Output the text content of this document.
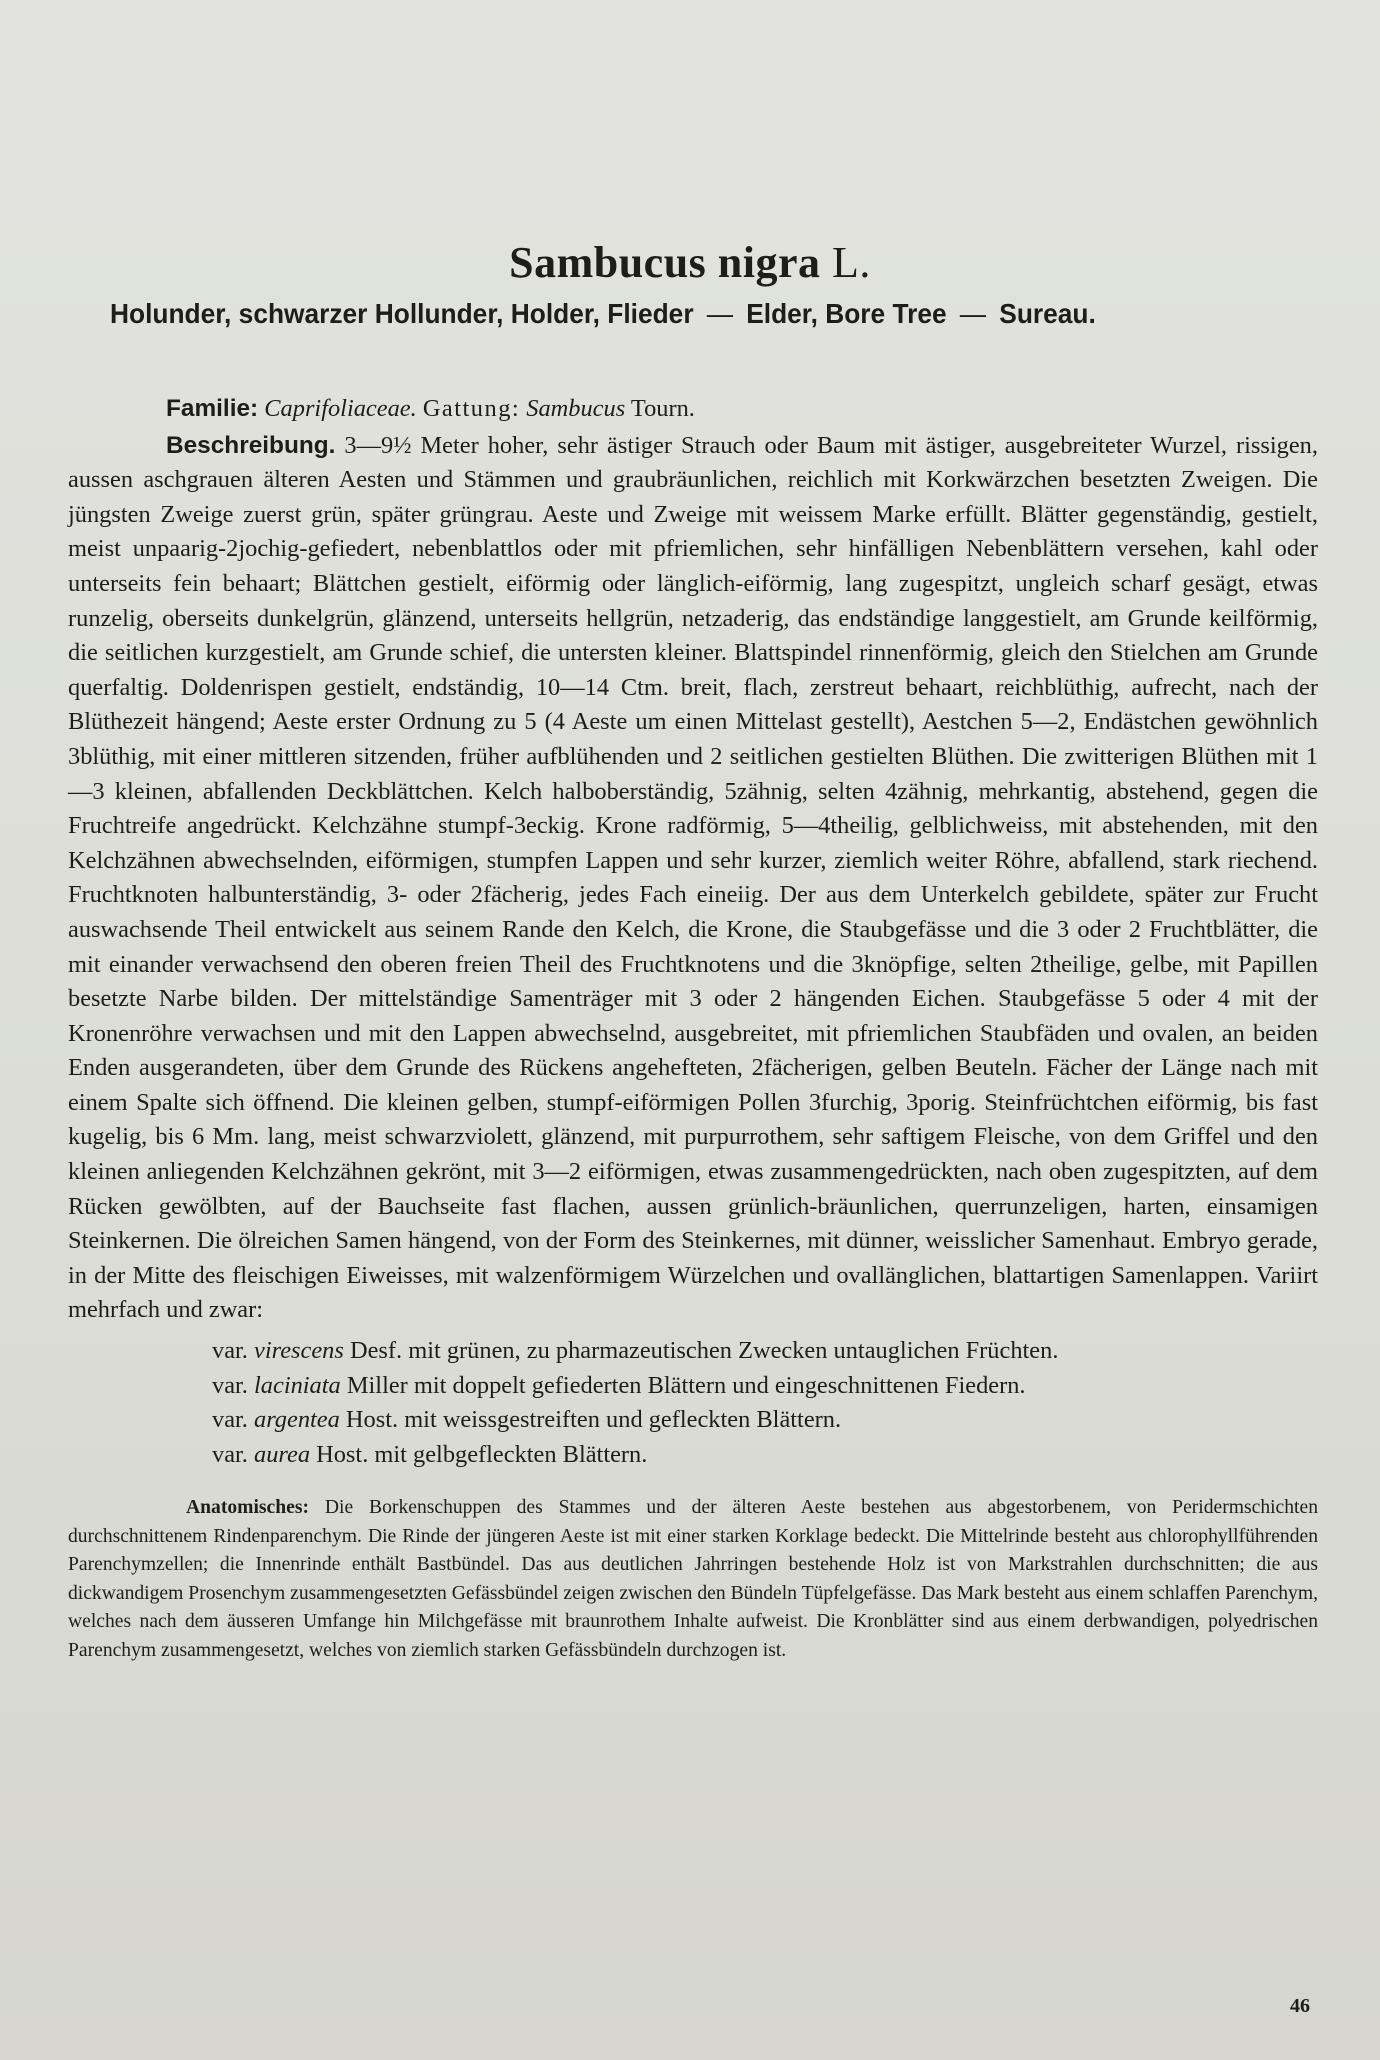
Sambucus nigra L.
Holunder, schwarzer Hollunder, Holder, Flieder — Elder, Bore Tree — Sureau.

Familie: Caprifoliaceae. Gattung: Sambucus Tourn.

Beschreibung. 3—9½ Meter hoher, sehr ästiger Strauch oder Baum mit ästiger, ausgebreiteter Wurzel, rissigen, aussen aschgrauen älteren Aesten und Stämmen und graubräunlichen, reichlich mit Korkwärzchen besetzten Zweigen. Die jüngsten Zweige zuerst grün, später grüngrau. Aeste und Zweige mit weissem Marke erfüllt. Blätter gegenständig, gestielt, meist unpaarig-2jochig-gefiedert, nebenblattlos oder mit pfriemlichen, sehr hinfälligen Nebenblättern versehen, kahl oder unterseits fein behaart; Blättchen gestielt, eiförmig oder länglich-eiförmig, lang zugespitzt, ungleich scharf gesägt, etwas runzelig, oberseits dunkelgrün, glänzend, unterseits hellgrün, netzaderig, das endständige langgestielt, am Grunde keilförmig, die seitlichen kurzgestielt, am Grunde schief, die untersten kleiner. Blattspindel rinnenförmig, gleich den Stielchen am Grunde querfaltig. Doldenrispen gestielt, endständig, 10—14 Ctm. breit, flach, zerstreut behaart, reichblüthig, aufrecht, nach der Blüthezeit hängend; Aeste erster Ordnung zu 5 (4 Aeste um einen Mittelast gestellt), Aestchen 5—2, Endästchen gewöhnlich 3blüthig, mit einer mittleren sitzenden, früher aufblühenden und 2 seitlichen gestielten Blüthen. Die zwitterigen Blüthen mit 1—3 kleinen, abfallenden Deckblättchen. Kelch halboberständig, 5zähnig, selten 4zähnig, mehrkantig, abstehend, gegen die Fruchtreife angedrückt. Kelchzähne stumpf-3eckig. Krone radförmig, 5—4theilig, gelblichweiss, mit abstehenden, mit den Kelchzähnen abwechselnden, eiförmigen, stumpfen Lappen und sehr kurzer, ziemlich weiter Röhre, abfallend, stark riechend. Fruchtknoten halbunterständig, 3- oder 2fächerig, jedes Fach eineiig. Der aus dem Unterkelch gebildete, später zur Frucht auswachsende Theil entwickelt aus seinem Rande den Kelch, die Krone, die Staubgefässe und die 3 oder 2 Fruchtblätter, die mit einander verwachsend den oberen freien Theil des Fruchtknotens und die 3knöpfige, selten 2theilige, gelbe, mit Papillen besetzte Narbe bilden. Der mittelständige Samenträger mit 3 oder 2 hängenden Eichen. Staubgefässe 5 oder 4 mit der Kronenröhre verwachsen und mit den Lappen abwechselnd, ausgebreitet, mit pfriemlichen Staubfäden und ovalen, an beiden Enden ausgerandeten, über dem Grunde des Rückens angehefteten, 2fächerigen, gelben Beuteln. Fächer der Länge nach mit einem Spalte sich öffnend. Die kleinen gelben, stumpf-eiförmigen Pollen 3furchig, 3porig. Steinfrüchtchen eiförmig, bis fast kugelig, bis 6 Mm. lang, meist schwarzviolett, glänzend, mit purpurrothem, sehr saftigem Fleische, von dem Griffel und den kleinen anliegenden Kelchzähnen gekrönt, mit 3—2 eiförmigen, etwas zusammengedrückten, nach oben zugespitzten, auf dem Rücken gewölbten, auf der Bauchseite fast flachen, aussen grünlich-bräunlichen, querrunzeligen, harten, einsamigen Steinkernen. Die ölreichen Samen hängend, von der Form des Steinkernes, mit dünner, weisslicher Samenhaut. Embryo gerade, in der Mitte des fleischigen Eiweisses, mit walzenförmigem Würzelchen und ovallänglichen, blattartigen Samenlappen. Variirt mehrfach und zwar:

var. virescens Desf. mit grünen, zu pharmazeutischen Zwecken untauglichen Früchten.
var. laciniata Miller mit doppelt gefiederten Blättern und eingeschnittenen Fiedern.
var. argentea Host. mit weissgestreiften und gefleckten Blättern.
var. aurea Host. mit gelbgefleckten Blättern.

Anatomisches: Die Borkenschuppen des Stammes und der älteren Aeste bestehen aus abgestorbenem, von Peridermschichten durchschnittenem Rindenparenchym. Die Rinde der jüngeren Aeste ist mit einer starken Korklage bedeckt. Die Mittelrinde besteht aus chlorophyllführenden Parenchymzellen; die Innenrinde enthält Bastbündel. Das aus deutlichen Jahrringen bestehende Holz ist von Markstrahlen durchschnitten; die aus dickwandigem Prosenchym zusammengesetzten Gefässbündel zeigen zwischen den Bündeln Tüpfelgefässe. Das Mark besteht aus einem schlaffen Parenchym, welches nach dem äusseren Umfange hin Milchgefässe mit braunrothem Inhalte aufweist. Die Kronblätter sind aus einem derbwandigen, polyedrischen Parenchym zusammengesetzt, welches von ziemlich starken Gefässbündeln durchzogen ist.

46
